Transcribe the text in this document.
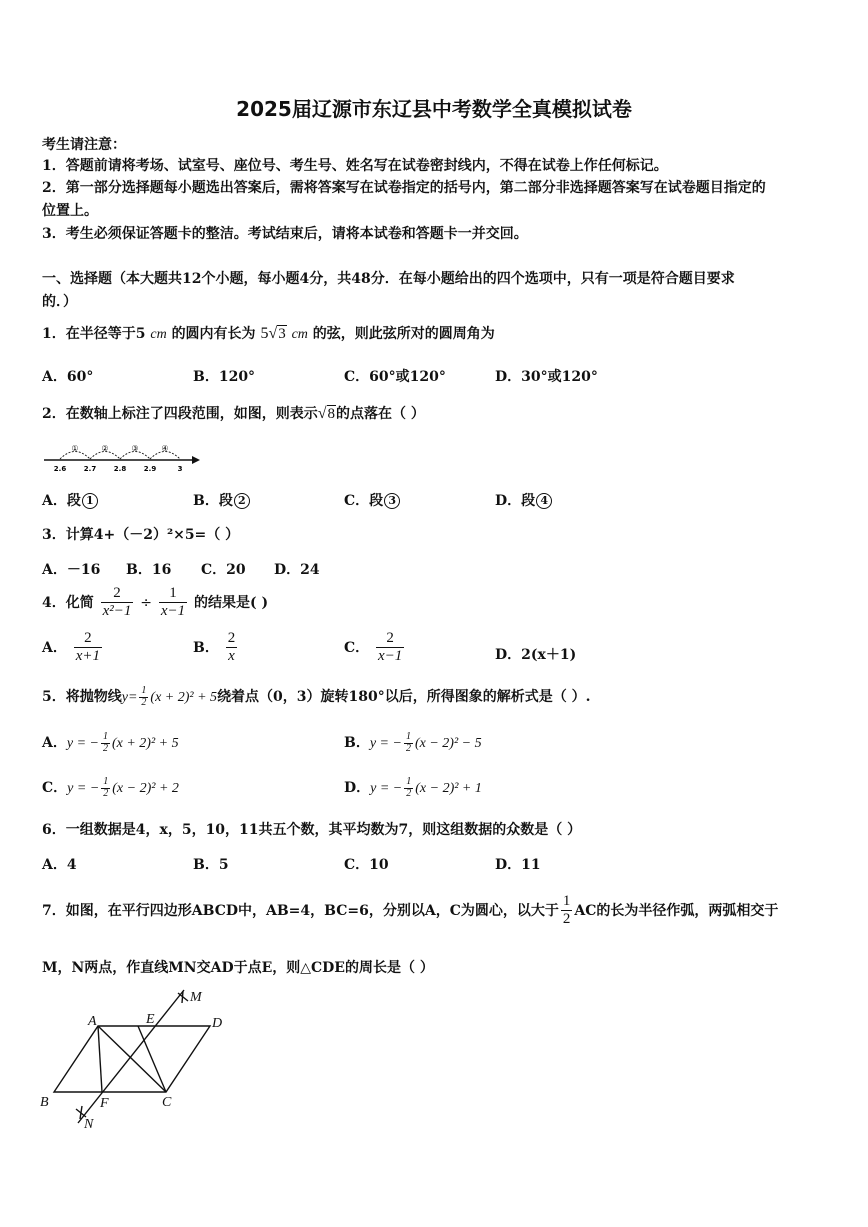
2025届辽源市东辽县中考数学全真模拟试卷
考生请注意：
1．答题前请将考场、试室号、座位号、考生号、姓名写在试卷密封线内，不得在试卷上作任何标记。
2．第一部分选择题每小题选出答案后，需将答案写在试卷指定的括号内，第二部分非选择题答案写在试卷题目指定的
位置上。
3．考生必须保证答题卡的整洁。考试结束后，请将本试卷和答题卡一并交回。
一、选择题（本大题共12个小题，每小题4分，共48分．在每小题给出的四个选项中，只有一项是符合题目要求
的．）
1．在半径等于5 cm 的圆内有长为 5√3 cm 的弦，则此弦所对的圆周角为
A．60°	B．120°	C．60°或120°	D．30°或120°
2．在数轴上标注了四段范围，如图，则表示√8的点落在（ ）
①	②	③	④
2.6	2.7	2.8	2.9	3
A．段 1	B．段 2	C．段 3	D．段 4
3．计算4+（－2）²×5=（ ）
A．－16 B．16 C．20 D．24
4．化简 $\frac{2}{\text{x²−1}} \div \frac{1}{x-1}$ 的结果是( )
A． $\frac{2}{x+1}$	B． $\frac{2}{x}$	C． $\frac{2}{x-1}$	D．2(x＋1)
5．将抛物线$y= \frac{1}{2} (x + 2)^2 + 5$绕着点（0，3）旋转180°以后，所得图象的解析式是（ ）.
A．y = − $\frac{1}{2} (x + 2)^2 + 5$	B．y = − $\frac{1}{2} (x - 2)^2 - 5$
C．y = − $\frac{1}{2} (x - 2)^2 + 2$	D．y = − $\frac{1}{2} (x - 2)^2 + 1$
6．一组数据是4，x，5，10，11共五个数，其平均数为7，则这组数据的众数是（ ）
A．4	B．5	C．10	D．11
7．如图，在平行四边形ABCD中，AB=4，BC=6，分别以A，C为圆心，以大于 $\frac{1}{2}$ AC的长为半径作弧，两弧相交于
M，N两点，作直线MN交AD于点E，则△CDE的周长是（ ）
A	E	D
M
B	F	C
N
